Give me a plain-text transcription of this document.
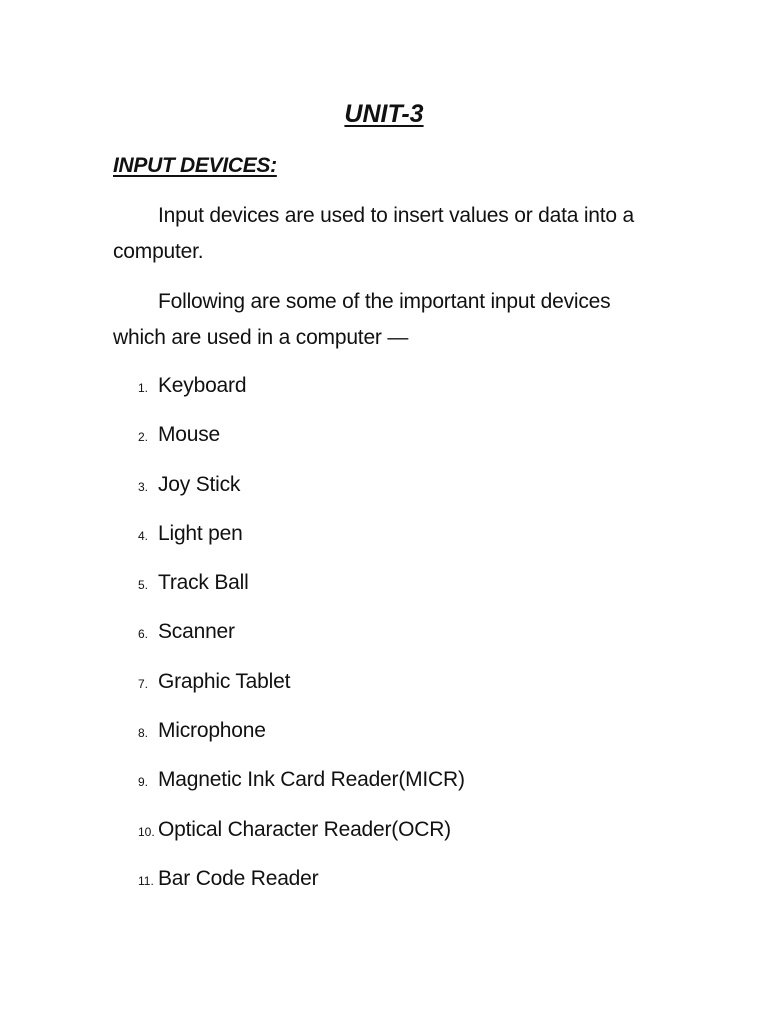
UNIT-3
INPUT DEVICES:

Input devices are used to insert values or data into a computer.

Following are some of the important input devices which are used in a computer —

1. Keyboard
2. Mouse
3. Joy Stick
4. Light pen
5. Track Ball
6. Scanner
7. Graphic Tablet
8. Microphone
9. Magnetic Ink Card Reader(MICR)
10. Optical Character Reader(OCR)
11. Bar Code Reader
